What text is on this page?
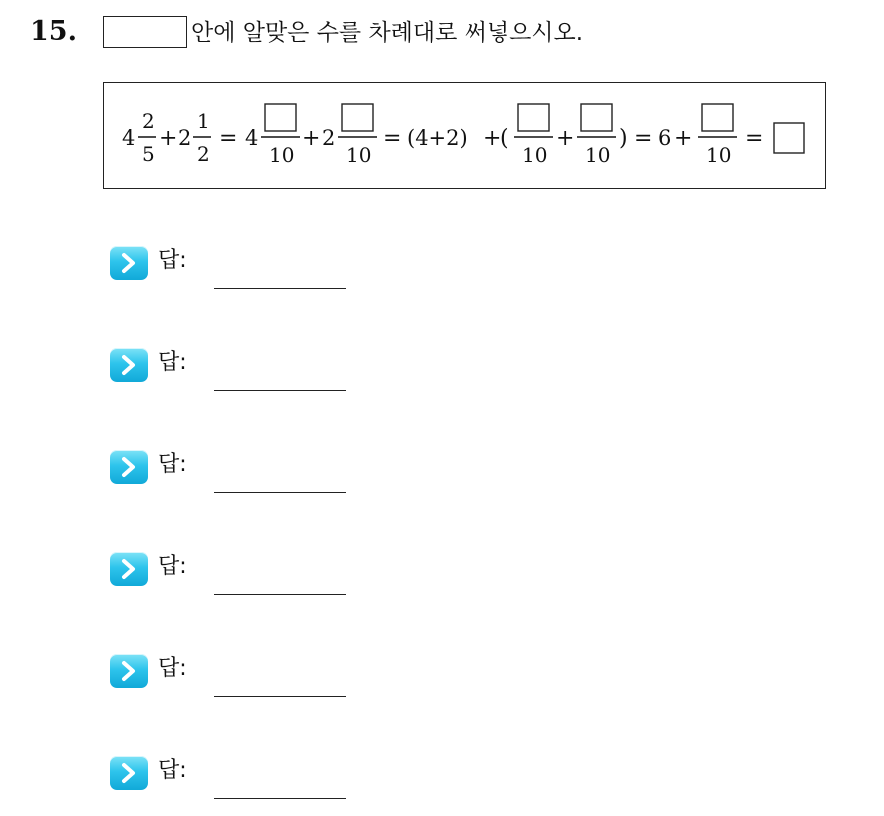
15.	안에 알맞은 수를 차례대로 써넣으시오.
4
2
5
+ 2
1
2
= 4
10
+ 2
10
= (4+2) +
(
10
+
10
) = 6 +
10
=
답:
답:
답:
답:
답:
답:
